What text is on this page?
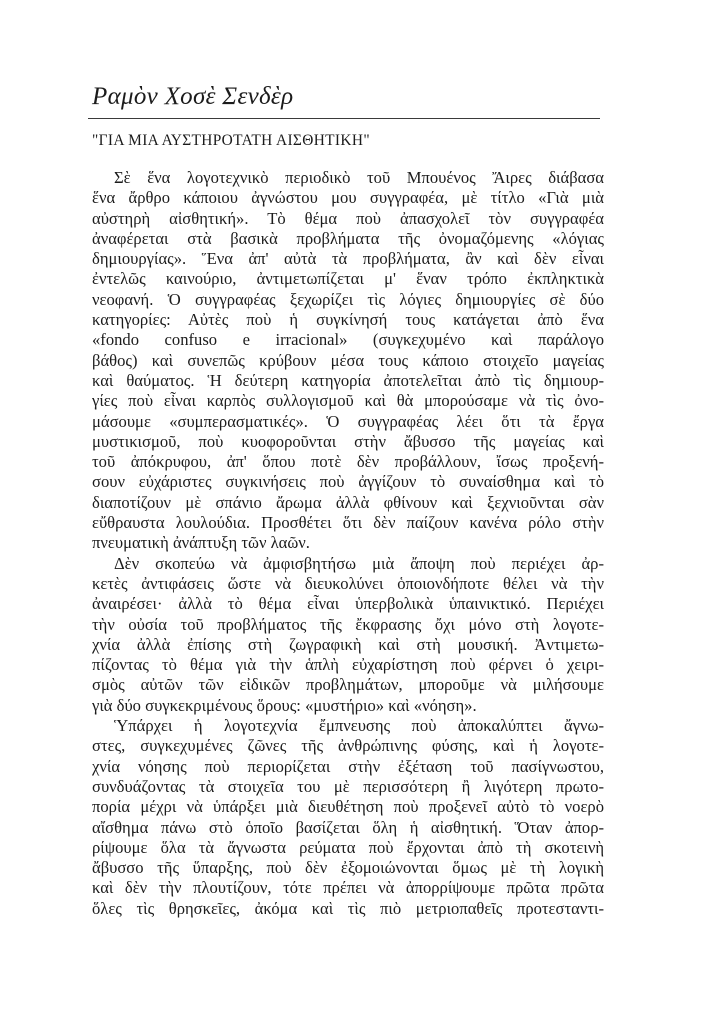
Ραμὸν Χοσὲ Σενδὲρ
"ΓΙΑ ΜΙΑ ΑΥΣΤΗΡΟΤΑΤΗ ΑΙΣΘΗΤΙΚΗ"
Σὲ ἕνα λογοτεχνικὸ περιοδικὸ τοῦ Μπουένος Ἄιρες διάβασα
ἕνα ἄρθρο κάποιου ἀγνώστου μου συγγραφέα, μὲ τίτλο «Γιὰ μιὰ
αὐστηρὴ αἰσθητική». Τὸ θέμα ποὺ ἀπασχολεῖ τὸν συγγραφέα
ἀναφέρεται στὰ βασικὰ προβλήματα τῆς ὀνομαζόμενης «λόγιας
δημιουργίας». Ἕνα ἀπ' αὐτὰ τὰ προβλήματα, ἂν καὶ δὲν εἶναι
ἐντελῶς καινούριο, ἀντιμετωπίζεται μ' ἕναν τρόπο ἐκπληκτικὰ
νεοφανή. Ὁ συγγραφέας ξεχωρίζει τὶς λόγιες δημιουργίες σὲ δύο
κατηγορίες: Αὐτὲς ποὺ ἡ συγκίνησή τους κατάγεται ἀπὸ ἕνα
«fondo confuso e irracional» (συγκεχυμένο καὶ παράλογο
βάθος) καὶ συνεπῶς κρύβουν μέσα τους κάποιο στοιχεῖο μαγείας
καὶ θαύματος. Ἡ δεύτερη κατηγορία ἀποτελεῖται ἀπὸ τὶς δημιουρ-
γίες ποὺ εἶναι καρπὸς συλλογισμοῦ καὶ θὰ μπορούσαμε νὰ τὶς ὀνο-
μάσουμε «συμπερασματικές». Ὁ συγγραφέας λέει ὅτι τὰ ἔργα
μυστικισμοῦ, ποὺ κυοφοροῦνται στὴν ἄβυσσο τῆς μαγείας καὶ
τοῦ ἀπόκρυφου, ἀπ' ὅπου ποτὲ δὲν προβάλλουν, ἴσως προξενή-
σουν εὐχάριστες συγκινήσεις ποὺ ἀγγίζουν τὸ συναίσθημα καὶ τὸ
διαποτίζουν μὲ σπάνιο ἄρωμα ἀλλὰ φθίνουν καὶ ξεχνιοῦνται σὰν
εὔθραυστα λουλούδια. Προσθέτει ὅτι δὲν παίζουν κανένα ρόλο στὴν
πνευματικὴ ἀνάπτυξη τῶν λαῶν.
Δὲν σκοπεύω νὰ ἀμφισβητήσω μιὰ ἄποψη ποὺ περιέχει ἀρ-
κετὲς ἀντιφάσεις ὥστε νὰ διευκολύνει ὁποιονδήποτε θέλει νὰ τὴν
ἀναιρέσει· ἀλλὰ τὸ θέμα εἶναι ὑπερβολικὰ ὑπαινικτικό. Περιέχει
τὴν οὐσία τοῦ προβλήματος τῆς ἔκφρασης ὄχι μόνο στὴ λογοτε-
χνία ἀλλὰ ἐπίσης στὴ ζωγραφικὴ καὶ στὴ μουσική. Ἀντιμετω-
πίζοντας τὸ θέμα γιὰ τὴν ἁπλὴ εὐχαρίστηση ποὺ φέρνει ὁ χειρι-
σμὸς αὐτῶν τῶν εἰδικῶν προβλημάτων, μποροῦμε νὰ μιλήσουμε
γιὰ δύο συγκεκριμένους ὅρους: «μυστήριο» καὶ «νόηση».
Ὑπάρχει ἡ λογοτεχνία ἔμπνευσης ποὺ ἀποκαλύπτει ἄγνω-
στες, συγκεχυμένες ζῶνες τῆς ἀνθρώπινης φύσης, καὶ ἡ λογοτε-
χνία νόησης ποὺ περιορίζεται στὴν ἐξέταση τοῦ πασίγνωστου,
συνδυάζοντας τὰ στοιχεῖα του μὲ περισσότερη ἢ λιγότερη πρωτο-
πορία μέχρι νὰ ὑπάρξει μιὰ διευθέτηση ποὺ προξενεῖ αὐτὸ τὸ νοερὸ
αἴσθημα πάνω στὸ ὁποῖο βασίζεται ὅλη ἡ αἰσθητική. Ὅταν ἀπορ-
ρίψουμε ὅλα τὰ ἄγνωστα ρεύματα ποὺ ἔρχονται ἀπὸ τὴ σκοτεινὴ
ἄβυσσο τῆς ὕπαρξης, ποὺ δὲν ἐξομοιώνονται ὅμως μὲ τὴ λογικὴ
καὶ δὲν τὴν πλουτίζουν, τότε πρέπει νὰ ἀπορρίψουμε πρῶτα πρῶτα
ὅλες τὶς θρησκεῖες, ἀκόμα καὶ τὶς πιὸ μετριοπαθεῖς προτεσταντι-
